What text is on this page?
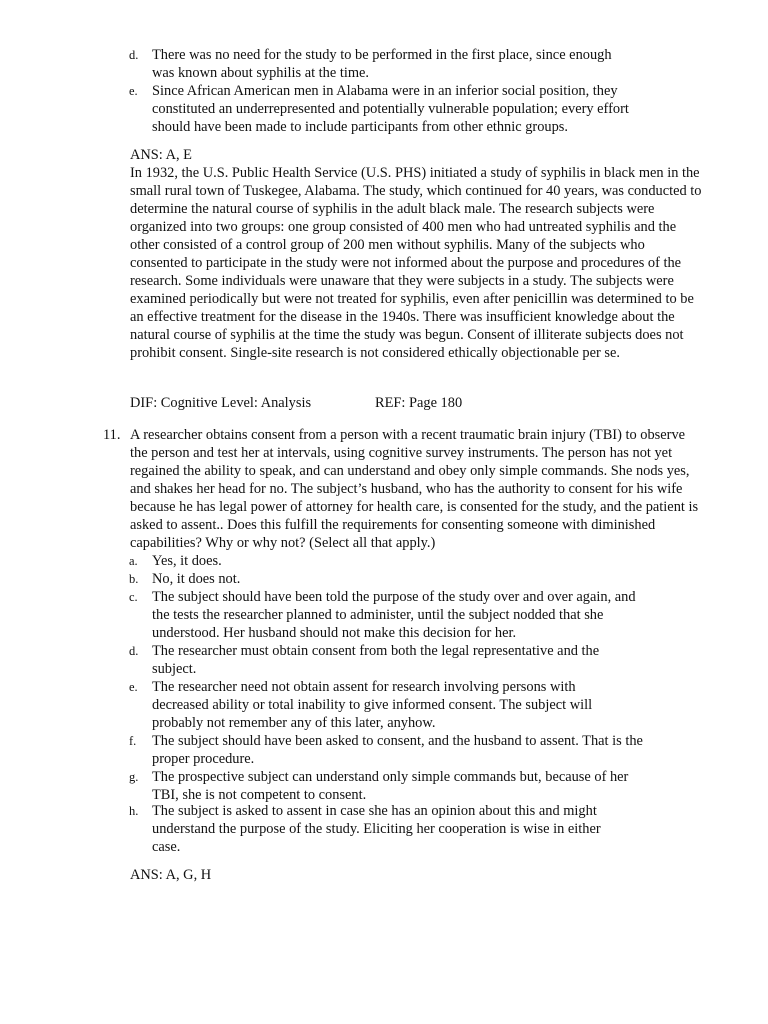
d. There was no need for the study to be performed in the first place, since enough was known about syphilis at the time.
e. Since African American men in Alabama were in an inferior social position, they constituted an underrepresented and potentially vulnerable population; every effort should have been made to include participants from other ethnic groups.
ANS: A, E
In 1932, the U.S. Public Health Service (U.S. PHS) initiated a study of syphilis in black men in the small rural town of Tuskegee, Alabama. The study, which continued for 40 years, was conducted to determine the natural course of syphilis in the adult black male. The research subjects were organized into two groups: one group consisted of 400 men who had untreated syphilis and the other consisted of a control group of 200 men without syphilis. Many of the subjects who consented to participate in the study were not informed about the purpose and procedures of the research. Some individuals were unaware that they were subjects in a study. The subjects were examined periodically but were not treated for syphilis, even after penicillin was determined to be an effective treatment for the disease in the 1940s. There was insufficient knowledge about the natural course of syphilis at the time the study was begun. Consent of illiterate subjects does not prohibit consent. Single-site research is not considered ethically objectionable per se.
DIF: Cognitive Level: Analysis	REF: Page 180
11. A researcher obtains consent from a person with a recent traumatic brain injury (TBI) to observe the person and test her at intervals, using cognitive survey instruments. The person has not yet regained the ability to speak, and can understand and obey only simple commands. She nods yes, and shakes her head for no. The subject’s husband, who has the authority to consent for his wife because he has legal power of attorney for health care, is consented for the study, and the patient is asked to assent.. Does this fulfill the requirements for consenting someone with diminished capabilities? Why or why not? (Select all that apply.)
a. Yes, it does.
b. No, it does not.
c. The subject should have been told the purpose of the study over and over again, and the tests the researcher planned to administer, until the subject nodded that she understood. Her husband should not make this decision for her.
d. The researcher must obtain consent from both the legal representative and the subject.
e. The researcher need not obtain assent for research involving persons with decreased ability or total inability to give informed consent. The subject will probably not remember any of this later, anyhow.
f. The subject should have been asked to consent, and the husband to assent. That is the proper procedure.
g. The prospective subject can understand only simple commands but, because of her TBI, she is not competent to consent.
h. The subject is asked to assent in case she has an opinion about this and might understand the purpose of the study. Eliciting her cooperation is wise in either case.
ANS: A, G, H
